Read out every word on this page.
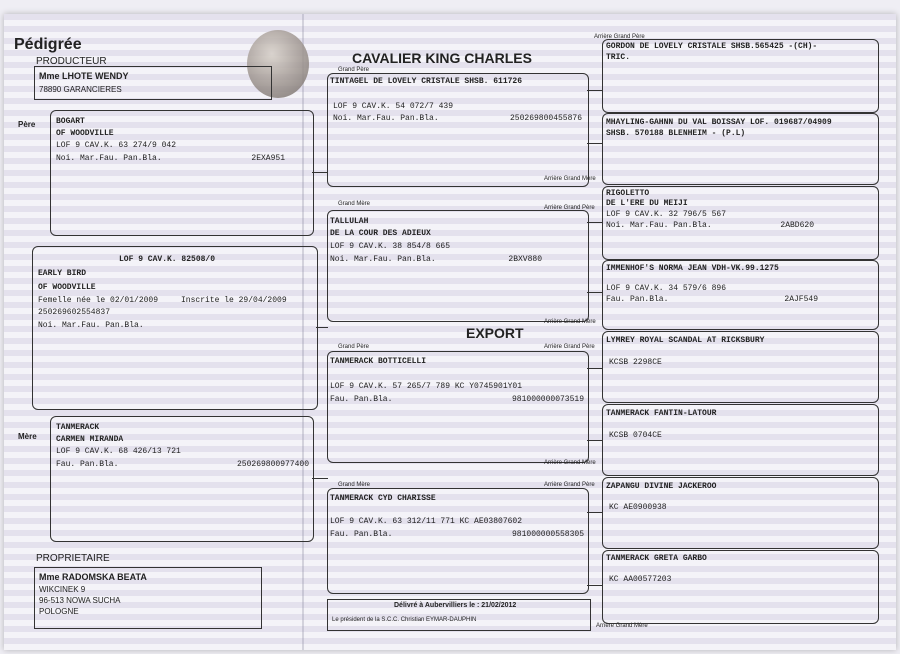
Pédigrée
PRODUCTEUR	CAVALIER KING CHARLES
EXPORT
Père
Mère
PROPRIETAIRE
Mme LHOTE WENDY
78890 GARANCIERES
Mme RADOMSKA BEATA
WIKCINEK 9
96-513 NOWA SUCHA
POLOGNE
BOGART
OF WOODVILLE
LOF 9 CAV.K. 63 274/9 042
Noi. Mar.Fau. Pan.Bla.	2EXA951
LOF 9 CAV.K. 82508/0
EARLY BIRD
OF WOODVILLE
Femelle née le 02/01/2009	Inscrite le 29/04/2009
250269602554837
Noi. Mar.Fau. Pan.Bla.
TANMERACK
CARMEN MIRANDA
LOF 9 CAV.K. 68 426/13 721
Fau. Pan.Bla.	250269800977400
Grand Père
TINTAGEL DE LOVELY CRISTALE SHSB. 611726
LOF 9 CAV.K. 54 072/7 439
Noi. Mar.Fau. Pan.Bla.	250269800455876
Arrière Grand Mère
Grand Mère
Arrière Grand Père
TALLULAH
DE LA COUR DES ADIEUX
LOF 9 CAV.K. 38 854/8 665
Noi. Mar.Fau. Pan.Bla.	2BXV880
Arrière Grand Mère
Grand Père	Arrière Grand Père
TANMERACK BOTTICELLI
LOF 9 CAV.K. 57 265/7 789 KC Y0745901Y01
Fau. Pan.Bla.	981000000073519
Arrière Grand Mère
Grand Mère	Arrière Grand Père
TANMERACK CYD CHARISSE
LOF 9 CAV.K. 63 312/11 771 KC AE03807602
Fau. Pan.Bla.	981000000558305
Délivré à Aubervilliers le : 21/02/2012
Le président de la S.C.C. Christian EYMAR-DAUPHIN
Arrière Grand Mère
Arrière Grand Père
GORDON DE LOVELY CRISTALE SHSB.565425 -(CH)-
TRIC.
MHAYLING-GAHNN DU VAL BOISSAY LOF. 019687/04909
SHSB. 570188 BLENHEIM - (P.L)
RIGOLETTO
DE L'ERE DU MEIJI
LOF 9 CAV.K. 32 796/5 567
Noi. Mar.Fau. Pan.Bla.	2ABD620
IMMENHOF'S NORMA JEAN VDH-VK.99.1275
LOF 9 CAV.K. 34 579/6 896
Fau. Pan.Bla.	2AJF549
LYMREY ROYAL SCANDAL AT RICKSBURY
KCSB 2298CE
TANMERACK FANTIN-LATOUR
KCSB 0704CE
ZAPANGU DIVINE JACKEROO
KC AE0900938
TANMERACK GRETA GARBO
KC AA00577203
